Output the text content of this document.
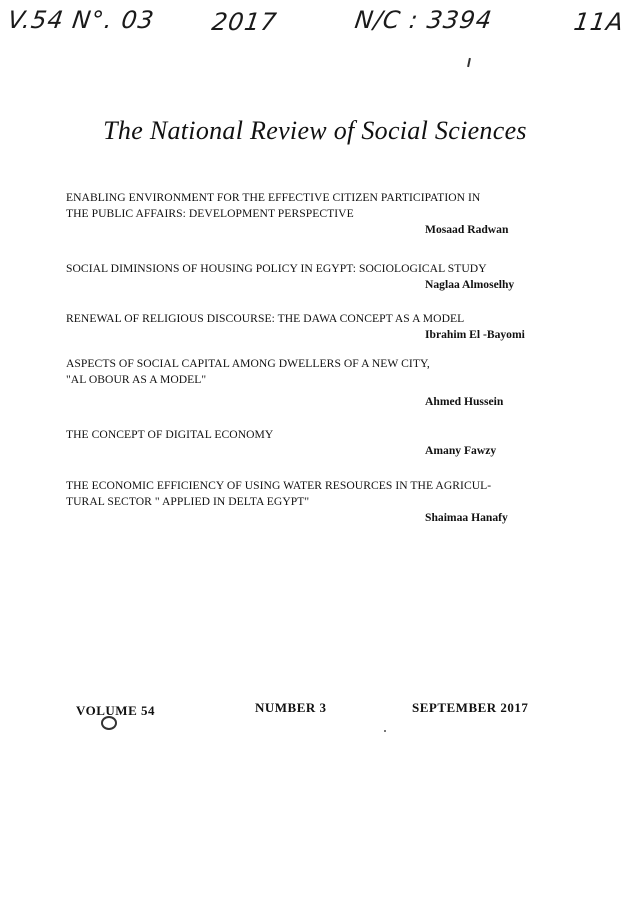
V.54 N°. 03 2017	N/C : 3394	11A
The National Review of Social Sciences
ENABLING ENVIRONMENT FOR THE EFFECTIVE CITIZEN PARTICIPATION IN
THE PUBLIC AFFAIRS: DEVELOPMENT PERSPECTIVE
Mosaad Radwan
SOCIAL DIMINSIONS OF HOUSING POLICY IN EGYPT: SOCIOLOGICAL STUDY
Naglaa Almoselhy
RENEWAL OF RELIGIOUS DISCOURSE: THE DAWA CONCEPT AS A MODEL
Ibrahim El -Bayomi
ASPECTS OF SOCIAL CAPITAL AMONG DWELLERS OF A NEW CITY,
"AL OBOUR AS A MODEL"
Ahmed Hussein
THE CONCEPT OF DIGITAL ECONOMY
Amany Fawzy
THE ECONOMIC EFFICIENCY OF USING WATER RESOURCES IN THE AGRICUL-
TURAL SECTOR " APPLIED IN DELTA EGYPT"
Shaimaa Hanafy
VOLUME 54	NUMBER 3	SEPTEMBER 2017
